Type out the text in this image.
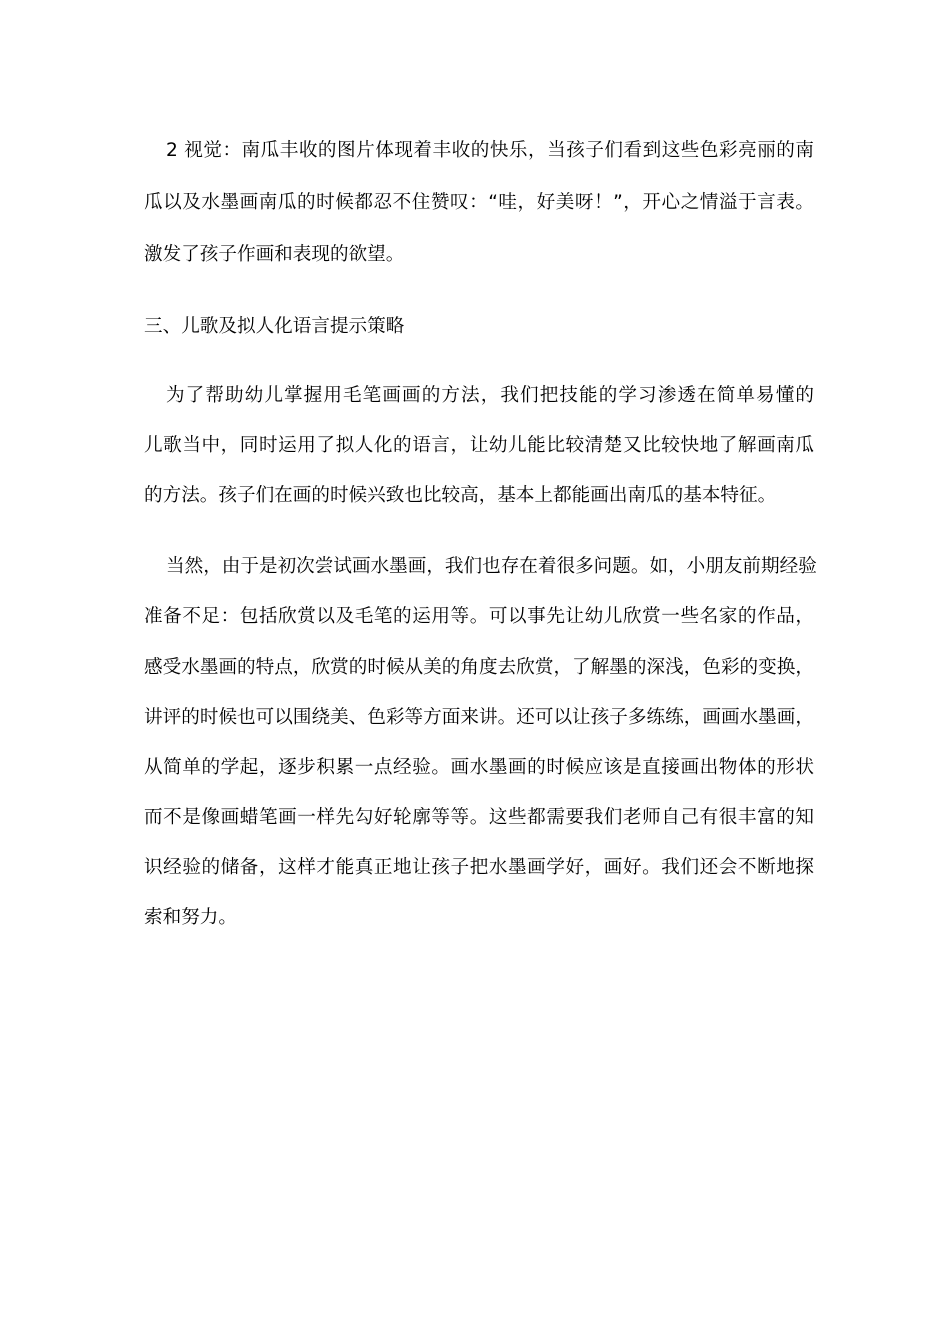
2 视觉：南瓜丰收的图片体现着丰收的快乐，当孩子们看到这些色彩亮丽的南
瓜以及水墨画南瓜的时候都忍不住赞叹：“哇，好美呀！”，开心之情溢于言表。
激发了孩子作画和表现的欲望。
三、儿歌及拟人化语言提示策略
为了帮助幼儿掌握用毛笔画画的方法，我们把技能的学习渗透在简单易懂的
儿歌当中，同时运用了拟人化的语言，让幼儿能比较清楚又比较快地了解画南瓜
的方法。孩子们在画的时候兴致也比较高，基本上都能画出南瓜的基本特征。
当然，由于是初次尝试画水墨画，我们也存在着很多问题。如，小朋友前期经验
准备不足：包括欣赏以及毛笔的运用等。可以事先让幼儿欣赏一些名家的作品，
感受水墨画的特点，欣赏的时候从美的角度去欣赏，了解墨的深浅，色彩的变换，
讲评的时候也可以围绕美、色彩等方面来讲。还可以让孩子多练练，画画水墨画，
从简单的学起，逐步积累一点经验。画水墨画的时候应该是直接画出物体的形状
而不是像画蜡笔画一样先勾好轮廓等等。这些都需要我们老师自己有很丰富的知
识经验的储备，这样才能真正地让孩子把水墨画学好，画好。我们还会不断地探
索和努力。
